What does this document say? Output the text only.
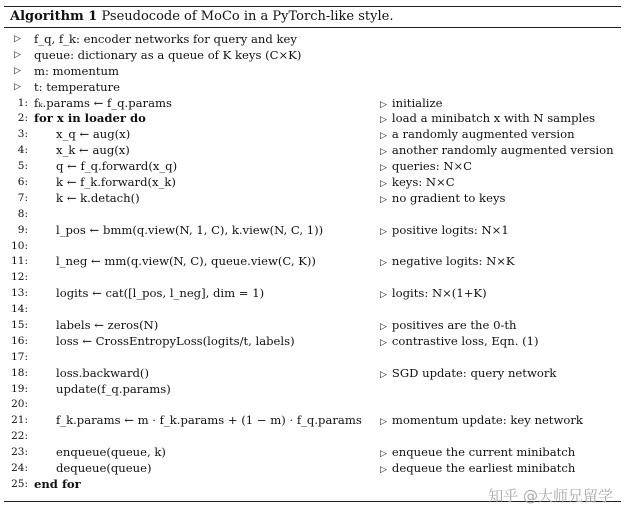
Algorithm 1 Pseudocode of MoCo in a PyTorch-like style.
▷ f_q, f_k: encoder networks for query and key
▷ queue: dictionary as a queue of K keys (C×K)
▷ m: momentum
▷ t: temperature
1: fₖ.params ← f_q.params	▷ initialize
2: for x in loader do	▷ load a minibatch x with N samples
3: x_q ← aug(x)	▷ a randomly augmented version
4: x_k ← aug(x)	▷ another randomly augmented version
5: q ← f_q.forward(x_q)	▷ queries: N×C
6: k ← f_k.forward(x_k)	▷ keys: N×C
7: k ← k.detach()	▷ no gradient to keys
8:
9: l_pos ← bmm(q.view(N, 1, C), k.view(N, C, 1))	▷ positive logits: N×1
10:
11: l_neg ← mm(q.view(N, C), queue.view(C, K))	▷ negative logits: N×K
12:
13: logits ← cat([l_pos, l_neg], dim = 1)	▷ logits: N×(1+K)
14:
15: labels ← zeros(N)	▷ positives are the 0-th
16: loss ← CrossEntropyLoss(logits/t, labels)	▷ contrastive loss, Eqn. (1)
17:
18: loss.backward()	▷ SGD update: query network
19: update(f_q.params)
20:
21: f_k.params ← m · f_k.params + (1 − m) · f_q.params ▷ momentum update: key network
22:
23: enqueue(queue, k)	▷ enqueue the current minibatch
24: dequeue(queue)	▷ dequeue the earliest minibatch
25: end for
知乎 @大师兄留学
